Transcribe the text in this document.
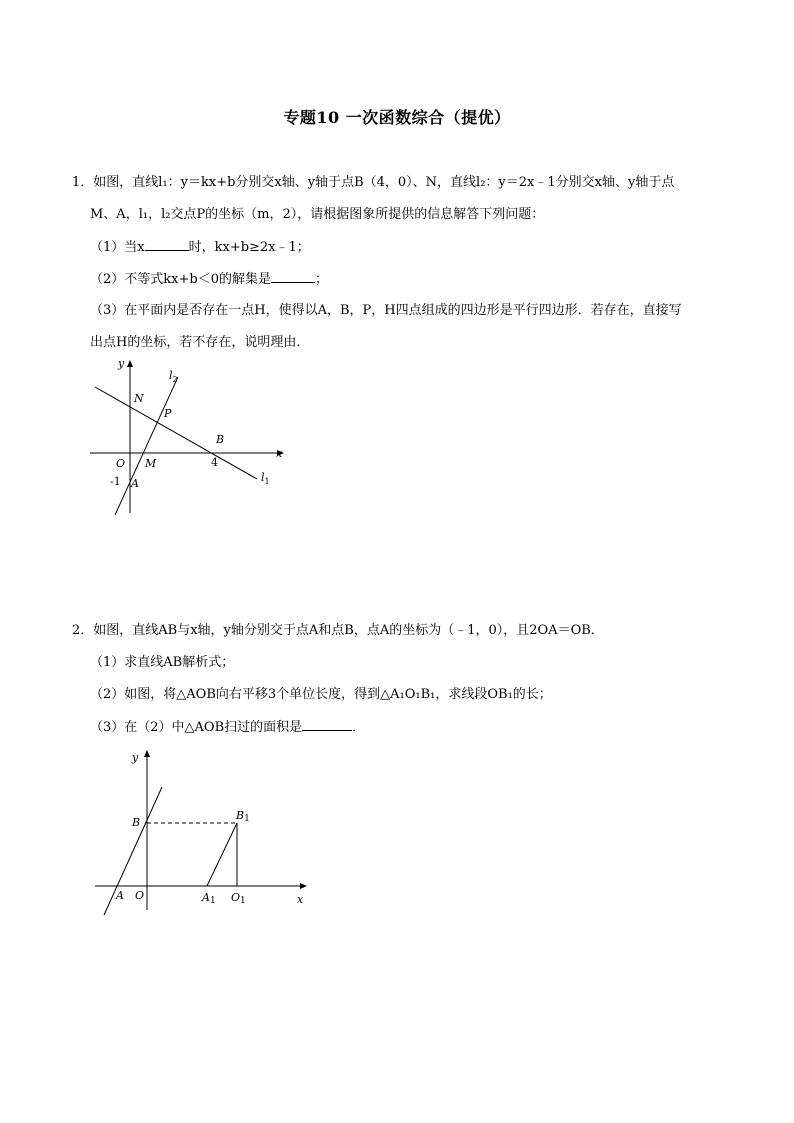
专题10 一次函数综合（提优）
1．如图，直线l₁：y＝kx+b分别交x轴、y轴于点B（4，0）、N，直线l₂：y＝2x﹣1分别交x轴、y轴于点
M、A，l₁，l₂交点P的坐标（m，2），请根据图象所提供的信息解答下列问题：
（1）当x	时，kx+b≥2x﹣1；
（2）不等式kx+b＜0的解集是	；
（3）在平面内是否存在一点H，使得以A，B，P，H四点组成的四边形是平行四边形．若存在，直接写
出点H的坐标，若不存在，说明理由．
y
x
$l_2$
$l_1$
N
P
B
O M	4
-1 A
2．如图，直线AB与x轴，y轴分别交于点A和点B，点A的坐标为（﹣1，0），且2OA＝OB．
（1）求直线AB解析式；
（2）如图，将△AOB向右平移3个单位长度，得到△A₁O₁B₁，求线段OB₁的长；
（3）在（2）中△AOB扫过的面积是	．
y
x
B
B1
A O	A1 O1
